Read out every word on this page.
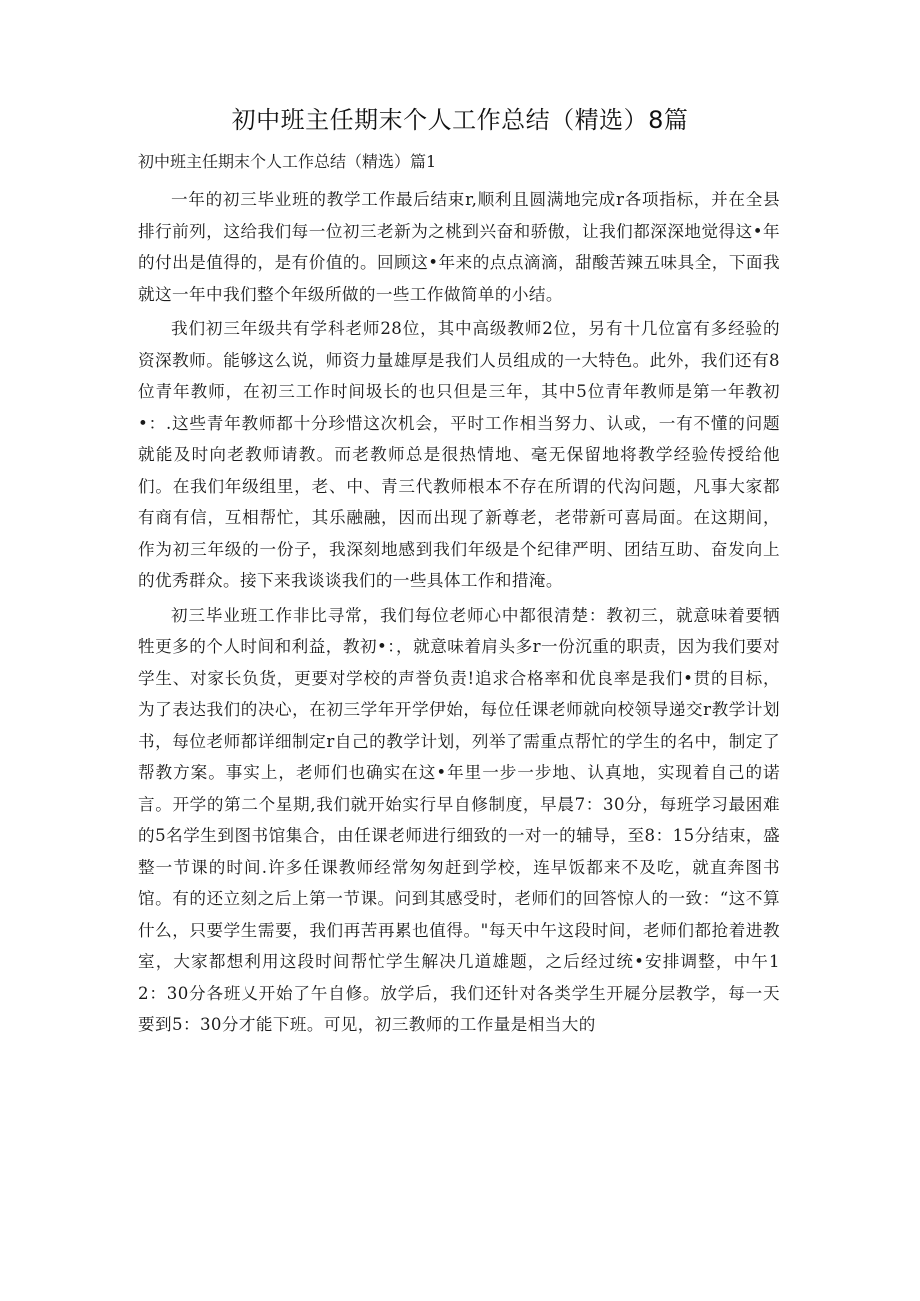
初中班主任期末个人工作总结（精选）8篇

初中班主任期末个人工作总结（精选）篇1

一年的初三毕业班的教学工作最后结束r,顺利且圆满地完成r各项指标，并在全县排行前列，这给我们每一位初三老新为之桃到兴奋和骄傲，让我们都深深地觉得这•年的付出是值得的，是有价值的。回顾这•年来的点点滴滴，甜酸苦辣五味具全，下面我就这一年中我们整个年级所做的一些工作做简单的小结。

我们初三年级共有学科老师28位，其中高级教师2位，另有十几位富有多经验的资深教师。能够这么说，师资力量雄厚是我们人员组成的一大特色。此外，我们还有8位青年教师，在初三工作时间圾长的也只但是三年，其中5位青年教师是第一年教初•：.这些青年教师都十分珍惜这次机会，平时工作相当努力、认或，一有不懂的问题就能及时向老教师请教。而老教师总是很热情地、毫无保留地将教学经验传授给他们。在我们年级组里，老、中、青三代教师根本不存在所谓的代沟问题，凡事大家都有商有信，互相帮忙，其乐融融，因而出现了新尊老，老带新可喜局面。在这期间，作为初三年级的一份子，我深刻地感到我们年级是个纪律严明、团结互助、奋发向上的优秀群众。接下来我谈谈我们的一些具体工作和措淹。

初三毕业班工作非比寻常，我们每位老师心中都很清楚：教初三，就意味着要牺牲更多的个人时间和利益，教初•：，就意味着肩头多r一份沉重的职责，因为我们要对学生、对家长负货，更要对学校的声誉负责!追求合格率和优良率是我们•贯的目标，为了表达我们的决心，在初三学年开学伊始，每位任课老师就向校领导递交r教学计划书，每位老师都详细制定r自己的教学计划，列举了需重点帮忙的学生的名中，制定了帮教方案。事实上，老师们也确实在这•年里一步一步地、认真地，实现着自己的诺言。开学的第二个星期,我们就开始实行早自修制度，早晨7：30分，每班学习最困难的5名学生到图书馆集合，由任课老师进行细致的一对一的辅导，至8：15分结束，盛整一节课的时间.许多任课教师经常匆匆赶到学校，连早饭都来不及吃，就直奔图书馆。有的还立刻之后上第一节课。问到其感受时，老师们的回答惊人的一致：“这不算什么，只要学生需要，我们再苦再累也值得。"每天中午这段时间，老师们都抢着进教室，大家都想利用这段时间帮忙学生解决几道雄题，之后经过统•安排调整，中午12：30分各班乂开始了午自修。放学后，我们还针对各类学生开屣分层教学，每一天要到5：30分才能下班。可见，初三教师的工作量是相当大的
